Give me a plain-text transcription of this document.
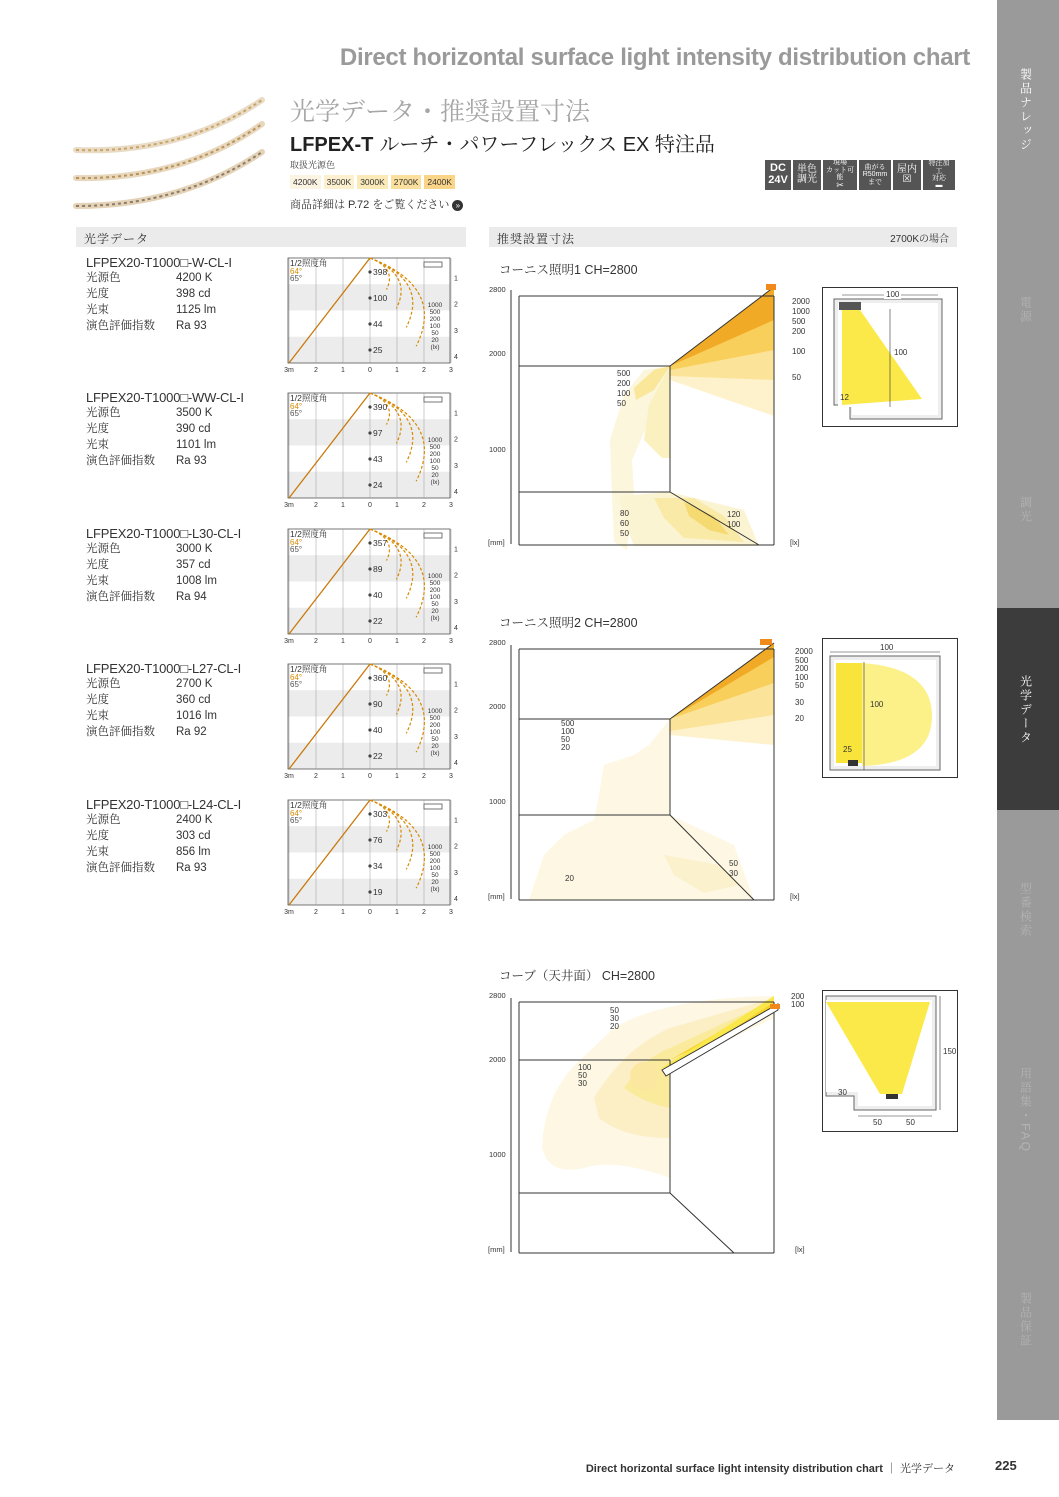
Direct horizontal surface light intensity distribution chart
光学データ・推奨設置寸法
LFPEX-T ルーチ・パワーフレックス EX 特注品
取扱光源色
4200K	3500K	3000K	2700K	2400K
商品詳細は P.72 をご覧ください »
DC
24V
単色
調光
現場
カット可能
✂
曲がる
R50mm
まで
屋内
☒
特注加工
対応
▬
光学データ	推奨設置寸法	2700Kの場合
LFPEX20-T1000□-W-CL-I
光源色	4200 K
光度	398 cd
光束	1125 lm
演色評価指数	Ra 93
LFPEX20-T1000□-WW-CL-I
光源色	3500 K
光度	390 cd
光束	1101 lm
演色評価指数	Ra 93
LFPEX20-T1000□-L30-CL-I
光源色	3000 K
光度	357 cd
光束	1008 lm
演色評価指数	Ra 94
LFPEX20-T1000□-L27-CL-I
光源色	2700 K
光度	360 cd
光束	1016 lm
演色評価指数	Ra 92
LFPEX20-T1000□-L24-CL-I
光源色	2400 K
光度	303 cd
光束	856 lm
演色評価指数	Ra 93
398
100
44
25
1/2照度角
64°
65°	1
2
3
4
1000
500
200
100
50
20
(lx)
3m	2	1	0	1	2	3
390
97
43
24
1/2照度角
64°
65°	1
2
3
4
1000
500
200
100
50
20
(lx)
3m	2	1	0	1	2	3
357
89
40
22
1/2照度角
64°
65°	1
2
3
4
1000
500
200
100
50
20
(lx)
3m	2	1	0	1	2	3
360
90
40
22
1/2照度角
64°
65°	1
2
3
4
1000
500
200
100
50
20
(lx)
3m	2	1	0	1	2	3
303
76
34
19
1/2照度角
64°
65°	1
2
3
4
1000
500
200
100
50
20
(lx)
3m	2	1	0	1	2	3
コーニス照明1 CH=2800
2800
2000
1000
[mm]	[lx]
2000
1000
500
200
100
50
500
200
100
50
80
60
50
120
100
100
100
12
コーニス照明2 CH=2800
2800
2000
1000
[mm]	[lx]
2000
500
200
100
50
30
20
500
100
50
20
20
50
30
100
100
25
コーブ（天井面） CH=2800
2800
2000
1000
[mm]	[lx]
200
100
50
30
20
100
50
30
150
30
50	50
製品ナレッジ
電源
調光
光学データ
型番検索
用語集・FAQ
製品保証
Direct horizontal surface light intensity distribution chart ｜ 光学データ	225
